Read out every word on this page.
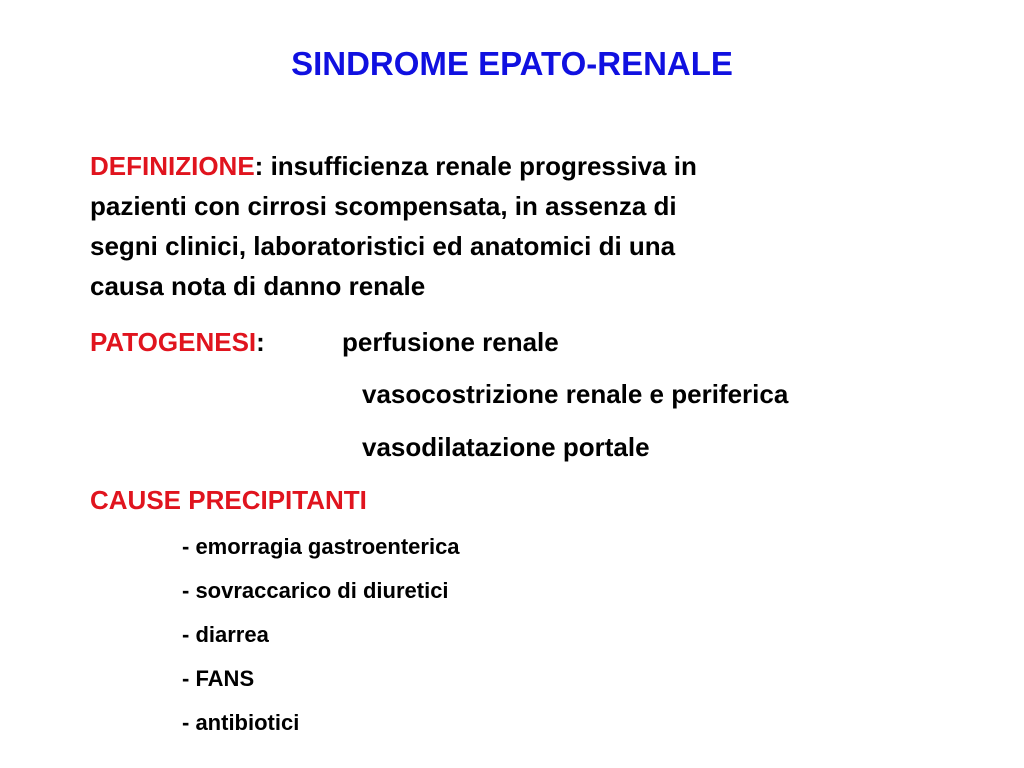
SINDROME EPATO-RENALE
DEFINIZIONE: insufficienza renale progressiva in
pazienti con cirrosi scompensata, in assenza di
segni clinici, laboratoristici ed anatomici di una
causa nota di danno renale
PATOGENESI:	perfusione renale
vasocostrizione renale e periferica
vasodilatazione portale
CAUSE PRECIPITANTI
- emorragia gastroenterica
- sovraccarico di diuretici
- diarrea
- FANS
- antibiotici
